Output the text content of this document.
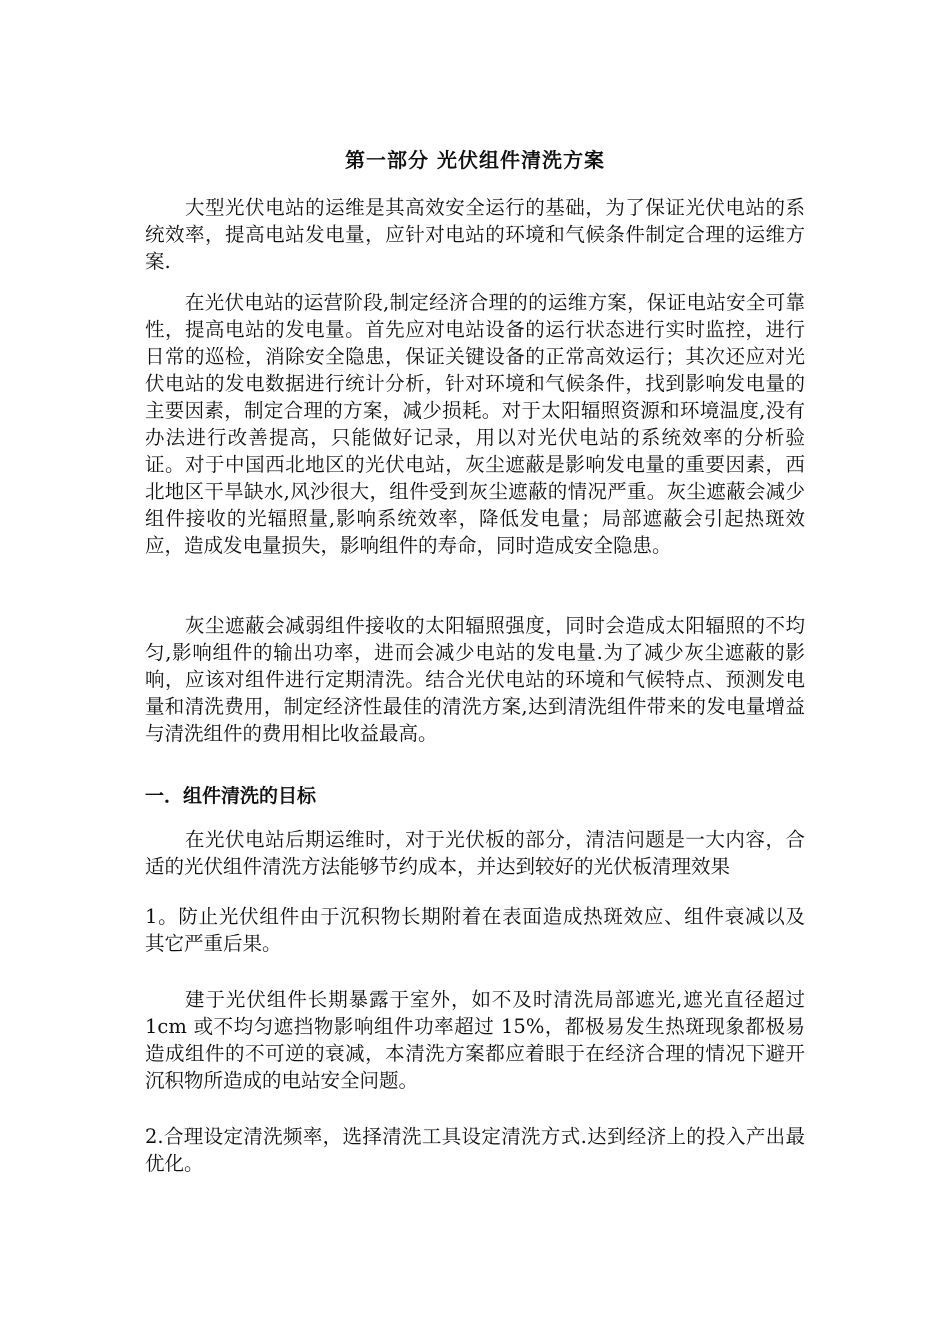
第一部分 光伏组件清洗方案

大型光伏电站的运维是其高效安全运行的基础，为了保证光伏电站的系统效率，提高电站发电量，应针对电站的环境和气候条件制定合理的运维方案.

在光伏电站的运营阶段,制定经济合理的的运维方案，保证电站安全可靠性，提高电站的发电量。首先应对电站设备的运行状态进行实时监控，进行日常的巡检，消除安全隐患，保证关键设备的正常高效运行；其次还应对光伏电站的发电数据进行统计分析，针对环境和气候条件，找到影响发电量的主要因素，制定合理的方案，减少损耗。对于太阳辐照资源和环境温度,没有办法进行改善提高，只能做好记录，用以对光伏电站的系统效率的分析验证。对于中国西北地区的光伏电站，灰尘遮蔽是影响发电量的重要因素，西北地区干旱缺水,风沙很大，组件受到灰尘遮蔽的情况严重。灰尘遮蔽会减少组件接收的光辐照量,影响系统效率，降低发电量；局部遮蔽会引起热斑效应，造成发电量损失，影响组件的寿命，同时造成安全隐患。

灰尘遮蔽会减弱组件接收的太阳辐照强度，同时会造成太阳辐照的不均匀,影响组件的输出功率，进而会减少电站的发电量.为了减少灰尘遮蔽的影响，应该对组件进行定期清洗。结合光伏电站的环境和气候特点、预测发电量和清洗费用，制定经济性最佳的清洗方案,达到清洗组件带来的发电量增益与清洗组件的费用相比收益最高。

一．组件清洗的目标

在光伏电站后期运维时，对于光伏板的部分，清洁问题是一大内容，合适的光伏组件清洗方法能够节约成本，并达到较好的光伏板清理效果

1。防止光伏组件由于沉积物长期附着在表面造成热斑效应、组件衰减以及　其它严重后果。

建于光伏组件长期暴露于室外，如不及时清洗局部遮光,遮光直径超过 1cm 或不均匀遮挡物影响组件功率超过 15%，都极易发生热斑现象都极易造成组件的不可逆的衰减，本清洗方案都应着眼于在经济合理的情况下避开沉积物所造成的电站安全问题。

2.合理设定清洗频率，选择清洗工具设定清洗方式.达到经济上的投入产出最优化。
